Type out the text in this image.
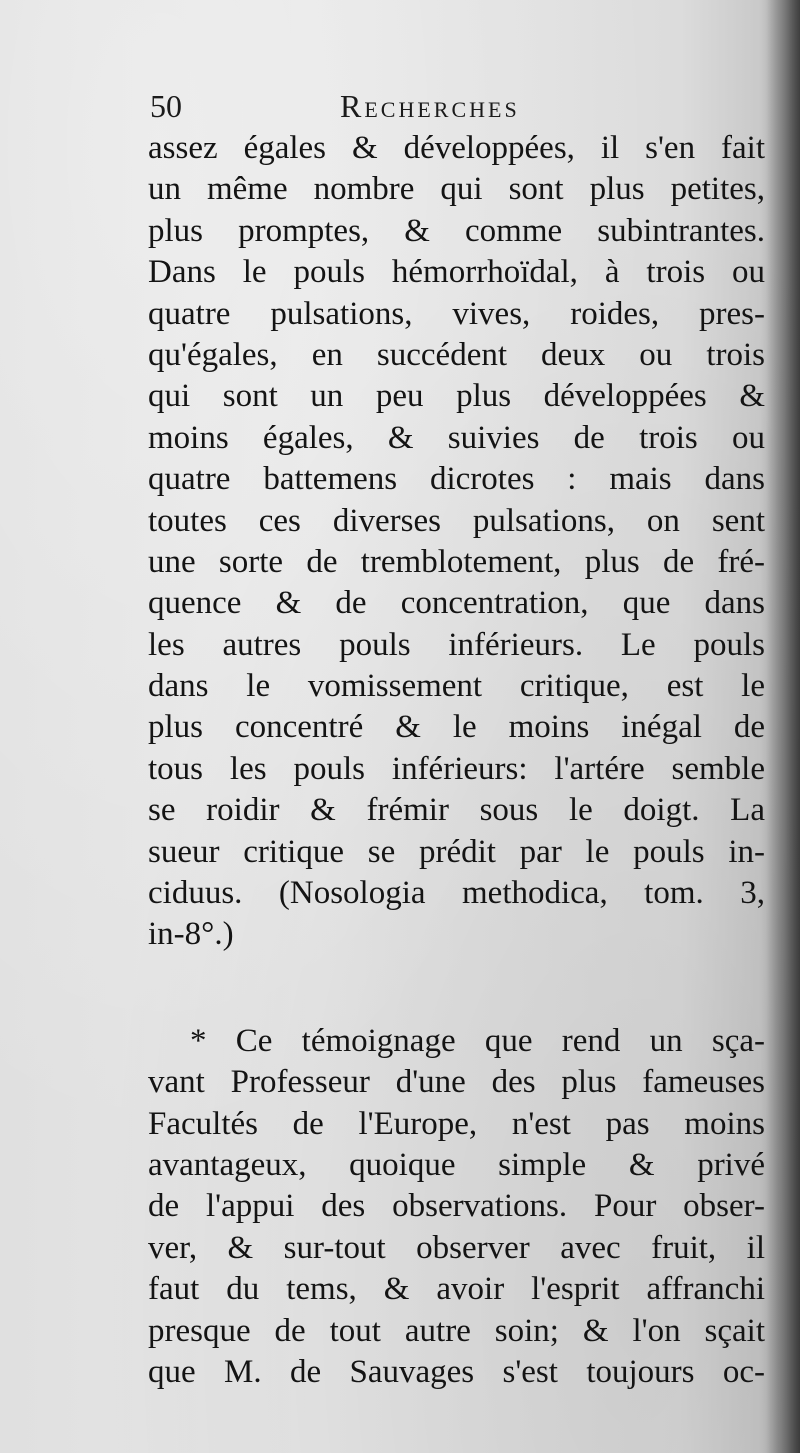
50	Recherches
assez égales & développées, il s'en fait
un même nombre qui sont plus petites,
plus promptes, & comme subintrantes.
Dans le pouls hémorrhoïdal, à trois ou
quatre pulsations, vives, roides, pres-
qu'égales, en succédent deux ou trois
qui sont un peu plus développées &
moins égales, & suivies de trois ou
quatre battemens dicrotes : mais dans
toutes ces diverses pulsations, on sent
une sorte de tremblotement, plus de fré-
quence & de concentration, que dans
les autres pouls inférieurs. Le pouls
dans le vomissement critique, est le
plus concentré & le moins inégal de
tous les pouls inférieurs: l'artére semble
se roidir & frémir sous le doigt. La
sueur critique se prédit par le pouls in-
ciduus. (Nosologia methodica, tom. 3,
in-8°.)
* Ce témoignage que rend un sça-
vant Professeur d'une des plus fameuses
Facultés de l'Europe, n'est pas moins
avantageux, quoique simple & privé
de l'appui des observations. Pour obser-
ver, & sur-tout observer avec fruit, il
faut du tems, & avoir l'esprit affranchi
presque de tout autre soin; & l'on sçait
que M. de Sauvages s'est toujours oc-
